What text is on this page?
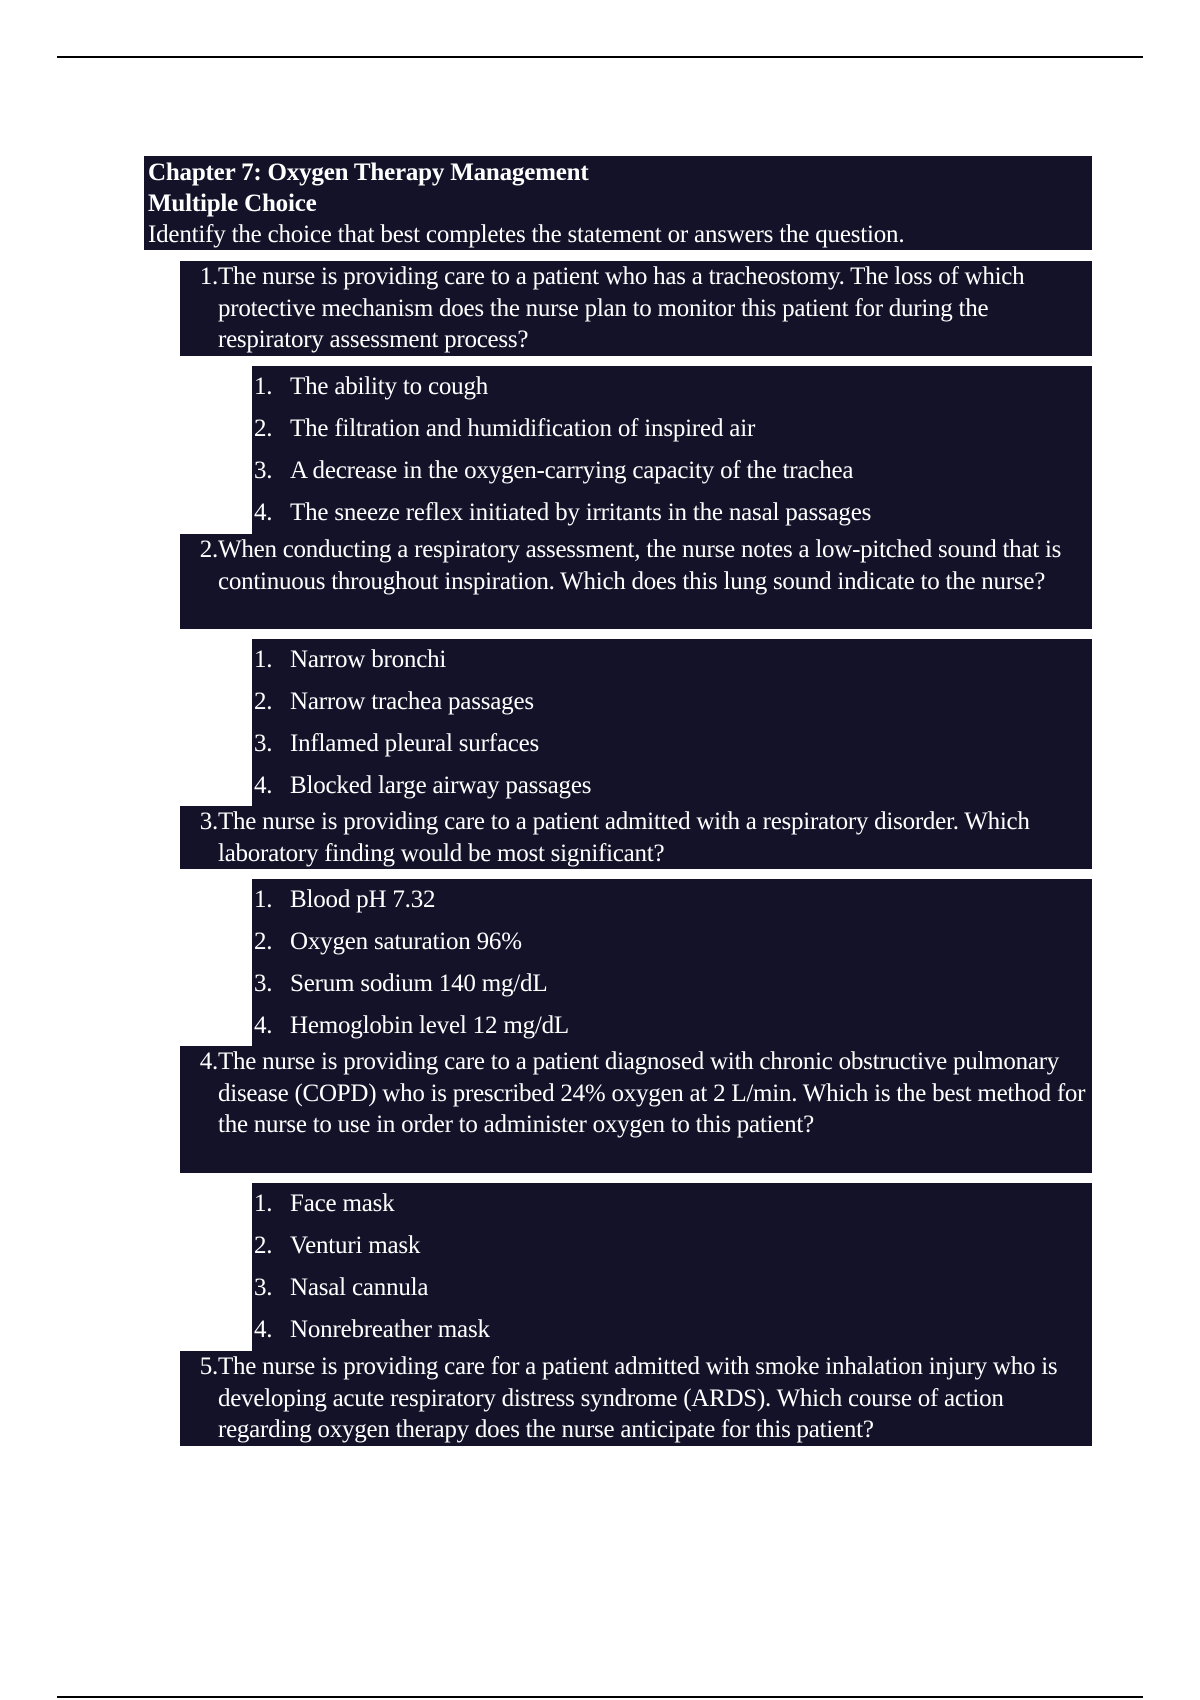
Chapter 7: Oxygen Therapy Management
Multiple Choice
Identify the choice that best completes the statement or answers the question.
1. The nurse is providing care to a patient who has a tracheostomy. The loss of which protective mechanism does the nurse plan to monitor this patient for during the respiratory assessment process?
1. The ability to cough
2. The filtration and humidification of inspired air
3. A decrease in the oxygen-carrying capacity of the trachea
4. The sneeze reflex initiated by irritants in the nasal passages
2. When conducting a respiratory assessment, the nurse notes a low-pitched sound that is continuous throughout inspiration. Which does this lung sound indicate to the nurse?
1. Narrow bronchi
2. Narrow trachea passages
3. Inflamed pleural surfaces
4. Blocked large airway passages
3. The nurse is providing care to a patient admitted with a respiratory disorder. Which laboratory finding would be most significant?
1. Blood pH 7.32
2. Oxygen saturation 96%
3. Serum sodium 140 mg/dL
4. Hemoglobin level 12 mg/dL
4. The nurse is providing care to a patient diagnosed with chronic obstructive pulmonary disease (COPD) who is prescribed 24% oxygen at 2 L/min. Which is the best method for the nurse to use in order to administer oxygen to this patient?
1. Face mask
2. Venturi mask
3. Nasal cannula
4. Nonrebreather mask
5. The nurse is providing care for a patient admitted with smoke inhalation injury who is developing acute respiratory distress syndrome (ARDS). Which course of action regarding oxygen therapy does the nurse anticipate for this patient?
